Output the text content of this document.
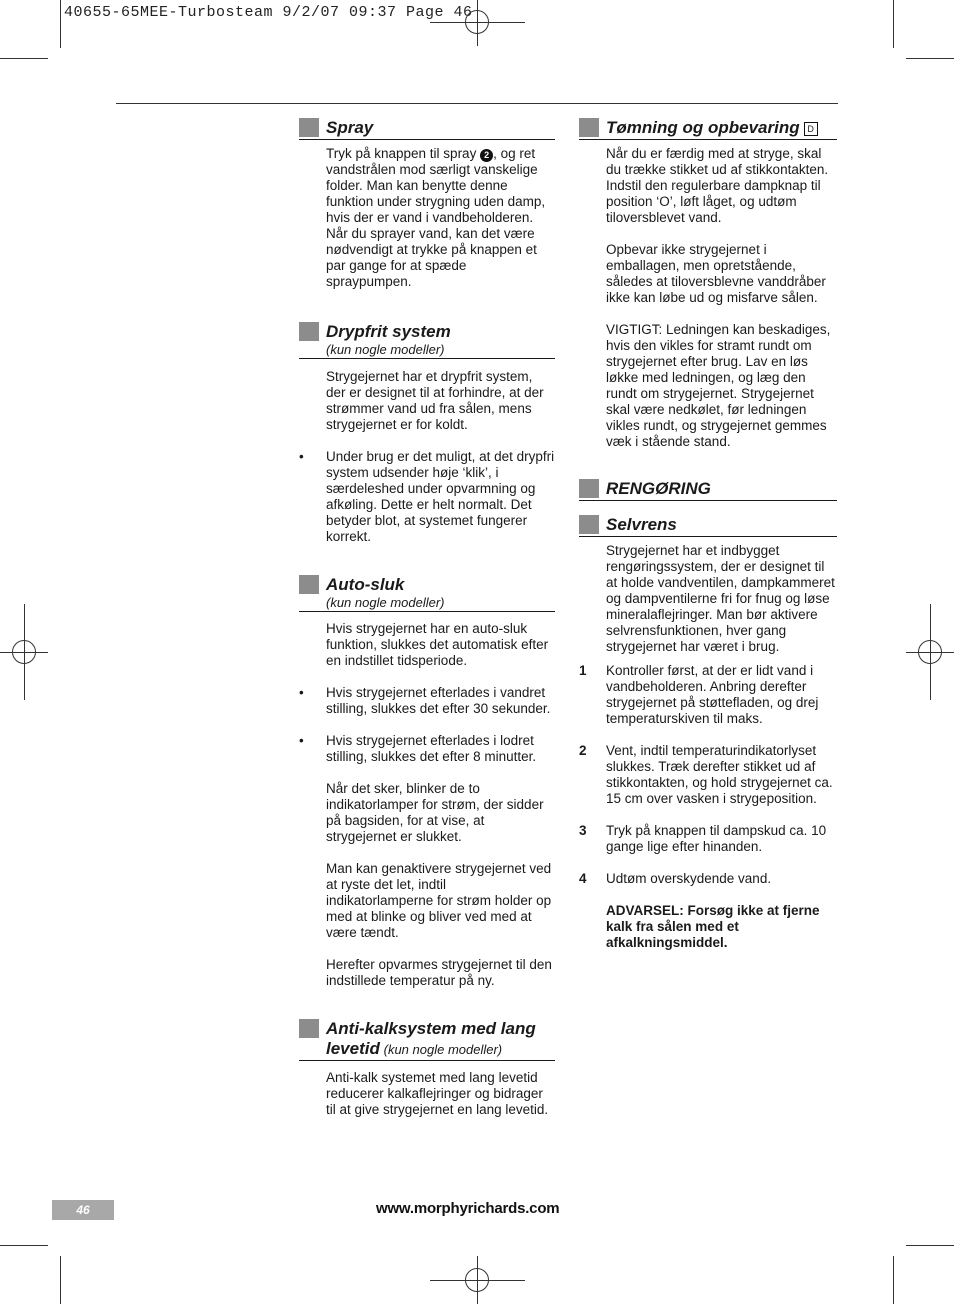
40655-65MEE-Turbosteam 9/2/07 09:37 Page 46
Spray

Tryk på knappen til spray 2 , og ret vandstrålen mod særligt vanskelige folder. Man kan benytte denne funktion under strygning uden damp, hvis der er vand i vandbeholderen. Når du sprayer vand, kan det være nødvendigt at trykke på knappen et par gange for at spæde spraypumpen.

Drypfrit system
(kun nogle modeller)

Strygejernet har et drypfrit system, der er designet til at forhindre, at der strømmer vand ud fra sålen, mens strygejernet er for koldt.

• Under brug er det muligt, at det drypfri system udsender høje ‘klik’, i særdeleshed under opvarmning og afkøling. Dette er helt normalt. Det betyder blot, at systemet fungerer korrekt.

Auto-sluk
(kun nogle modeller)

Hvis strygejernet har en auto-sluk funktion, slukkes det automatisk efter en indstillet tidsperiode.

• Hvis strygejernet efterlades i vandret stilling, slukkes det efter 30 sekunder.

• Hvis strygejernet efterlades i lodret stilling, slukkes det efter 8 minutter.

Når det sker, blinker de to indikatorlamper for strøm, der sidder på bagsiden, for at vise, at strygejernet er slukket.

Man kan genaktivere strygejernet ved at ryste det let, indtil indikatorlamperne for strøm holder op med at blinke og bliver ved med at være tændt.

Herefter opvarmes strygejernet til den indstillede temperatur på ny.

Anti-kalksystem med lang
levetid (kun nogle modeller)

Anti-kalk systemet med lang levetid reducerer kalkaflejringer og bidrager til at give strygejernet en lang levetid.

Tømning og opbevaring D

Når du er færdig med at stryge, skal du trække stikket ud af stikkontakten. Indstil den regulerbare dampknap til position ‘O’, løft låget, og udtøm tiloversblevet vand.

Opbevar ikke strygejernet i emballagen, men opretstående, således at tiloversblevne vanddråber ikke kan løbe ud og misfarve sålen.

VIGTIGT: Ledningen kan beskadiges, hvis den vikles for stramt rundt om strygejernet efter brug. Lav en løs løkke med ledningen, og læg den rundt om strygejernet. Strygejernet skal være nedkølet, før ledningen vikles rundt, og strygejernet gemmes væk i stående stand.

RENGØRING
Selvrens

Strygejernet har et indbygget rengøringssystem, der er designet til at holde vandventilen, dampkammeret og dampventilerne fri for fnug og løse mineralaflejringer. Man bør aktivere selvrensfunktionen, hver gang strygejernet har været i brug.

1 Kontroller først, at der er lidt vand i vandbeholderen. Anbring derefter strygejernet på støttefladen, og drej temperaturskiven til maks.

2 Vent, indtil temperaturindikatorlyset slukkes. Træk derefter stikket ud af stikkontakten, og hold strygejernet ca. 15 cm over vasken i strygeposition.

3 Tryk på knappen til dampskud ca. 10 gange lige efter hinanden.

4 Udtøm overskydende vand.

ADVARSEL: Forsøg ikke at fjerne kalk fra sålen med et afkalkningsmiddel.

46	www.morphyrichards.com
